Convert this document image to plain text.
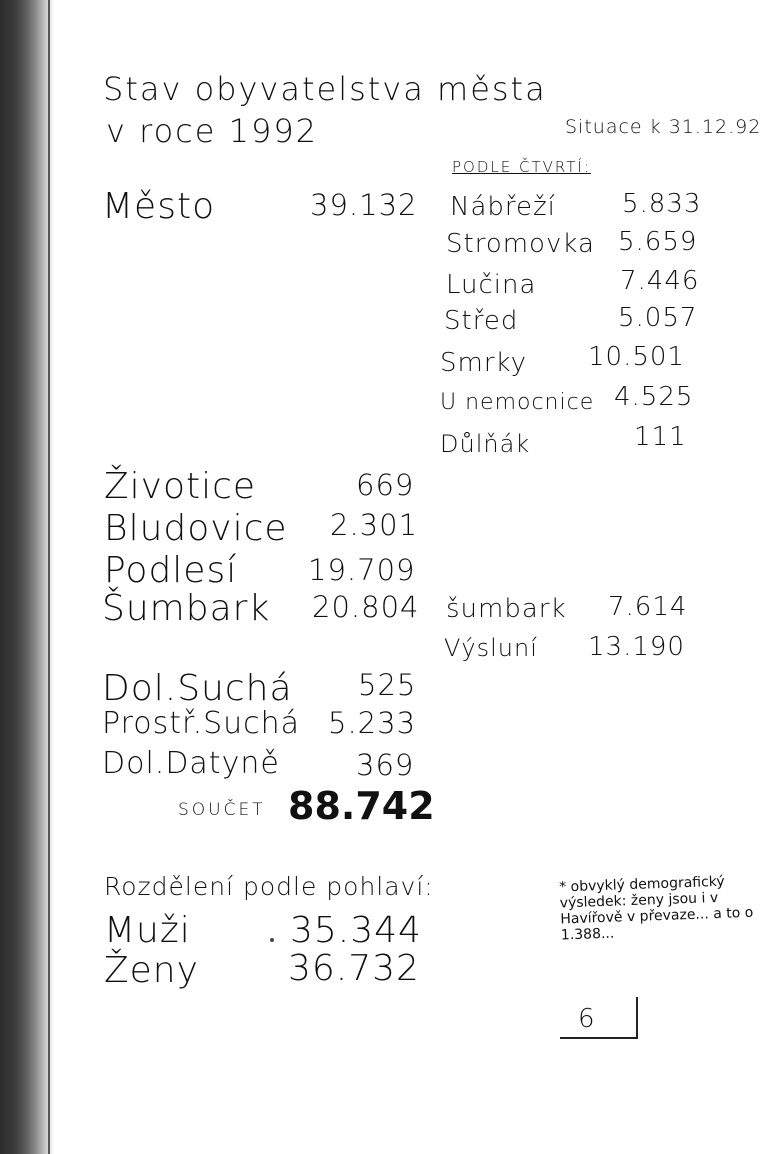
Stav obyvatelstva města
v roce 1992	Situace k 31.12.92
PODLE ČTVRTÍ:
Město	39.132 Nábřeží	5.833
Stromovka 5.659
Lučina	7.446
Střed	5.057
Smrky 10.501
U nemocnice 4.525
Důlňák	111
Životice	669
Bludovice 2.301
Podlesí 19.709
Šumbark 20.804 šumbark 7.614
Výsluní 13.190
Dol.Suchá 525
Prostř.Suchá 5.233
Dol.Datyně	369
SOUČET 88.742
Rozdělení podle pohlaví:
Muži	35.344
Ženy 36.732
* obvyklý demografický výsledek: ženy jsou i v Havířově v převaze... a to o 1.388...
6
